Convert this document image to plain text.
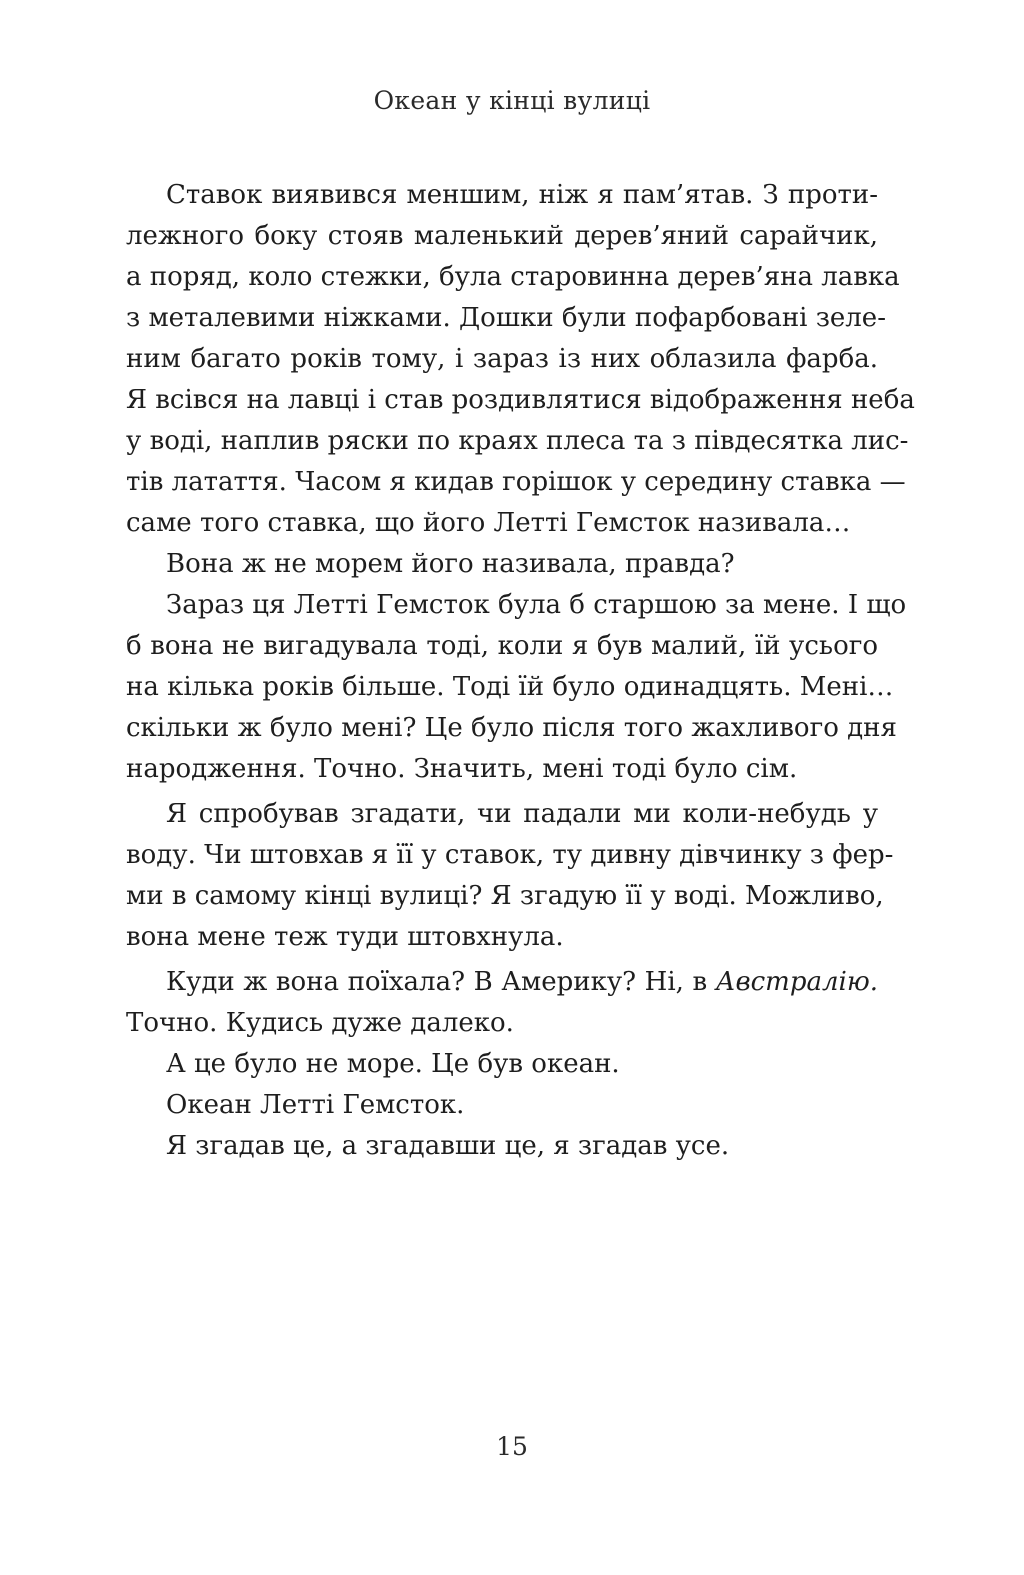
Океан у кінці вулиці

Ставок виявився меншим, ніж я пам’ятав. З проти-
лежного боку стояв маленький дерев’яний сарайчик,
а поряд, коло стежки, була старовинна дерев’яна лавка
з металевими ніжками. Дошки були пофарбовані зеле-
ним багато років тому, і зараз із них облазила фарба.
Я всівся на лавці і став роздивлятися відображення неба
у воді, наплив ряски по краях плеса та з півдесятка лис-
тів латаття. Часом я кидав горішок у середину ставка —
саме того ставка, що його Летті Гемсток називала…

Вона ж не морем його називала, правда?

Зараз ця Летті Гемсток була б старшою за мене. І що
б вона не вигадувала тоді, коли я був малий, їй усього
на кілька років більше. Тоді їй було одинадцять. Мені…
скільки ж було мені? Це було після того жахливого дня
народження. Точно. Значить, мені тоді було сім.

Я спробував згадати, чи падали ми коли-небудь у
воду. Чи штовхав я її у ставок, ту дивну дівчинку з фер-
ми в самому кінці вулиці? Я згадую її у воді. Можливо,
вона мене теж туди штовхнула.

Куди ж вона поїхала? В Америку? Ні, в Австралію.
Точно. Кудись дуже далеко.

А це було не море. Це був океан.

Океан Летті Гемсток.

Я згадав це, а згадавши це, я згадав усе.

15
